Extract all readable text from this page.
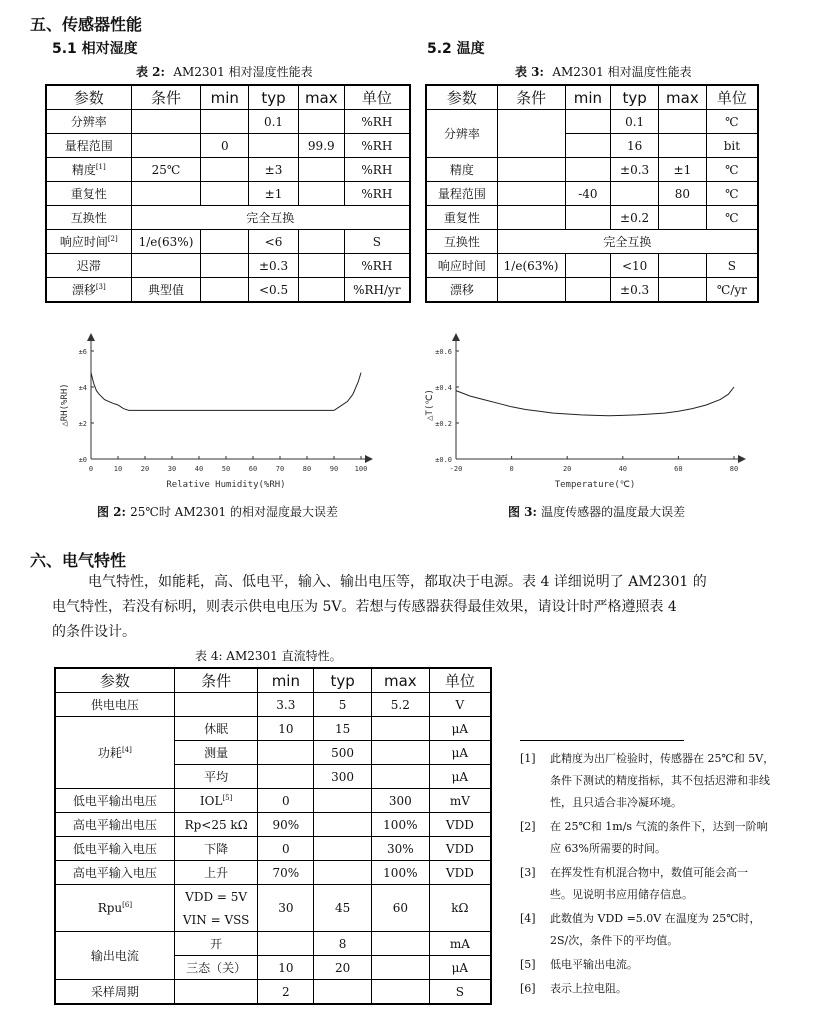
五、传感器性能
5.1 相对湿度	5.2 温度
表 2: AM2301 相对湿度性能表	表 3: AM2301 相对温度性能表
参数	条件	min	typ	max	单位
分辨率			0.1		%RH
量程范围		0		99.9	%RH
精度[1]	25℃		±3		%RH
重复性			±1		%RH
互换性	完全互换				
响应时间[2]	1/e(63%)		<6		S
迟滞			±0.3		%RH
漂移[3]	典型值		<0.5		%RH/yr
参数	条件	min	typ	max	单位
分辨率			0.1		℃
			16		bit
精度			±0.3	±1	℃
量程范围		-40		80	℃
重复性			±0.2		℃
互换性	完全互换				
响应时间	1/e(63%)		<10		S
漂移			±0.3		℃/yr
0	10	20	30	40	50	60	70	80	90 100
±0
±2
±4
±6
Relative Humidity(%RH)
△RH(%RH)
图 2: 25℃时 AM2301 的相对湿度最大误差
-20	0	20	40	60	80
±0.0
±0.2
±0.4
±0.6
Temperature(℃)
△T(℃)
图 3: 温度传感器的温度最大误差
六、电气特性
电气特性，如能耗，高、低电平，输入、输出电压等，都取决于电源。表 4 详细说明了 AM2301 的
电气特性，若没有标明，则表示供电电压为 5V。若想与传感器获得最佳效果，请设计时严格遵照表 4
的条件设计。
表 4: AM2301 直流特性。
参数	条件	min	typ	max	单位
供电电压		3.3	5	5.2	V
功耗[4]	休眠	10	15		μA
	测量		500		μA
	平均		300		μA
低电平输出电压	IOL[5]	0		300	mV
高电平输出电压	Rp<25 kΩ	90%		100%	VDD
低电平输入电压	下降	0		30%	VDD
高电平输入电压	上升	70%		100%	VDD
Rpu[6]	VDD = 5V	30	45	60	kΩ
	VIN = VSS				
输出电流	开		8		mA
	三态（关）	10	20		μA
采样周期		2			S
[1] 此精度为出厂检验时，传感器在 25℃和 5V，
条件下测试的精度指标，其不包括迟滞和非线
性，且只适合非冷凝环境。
[2] 在 25℃和 1m/s 气流的条件下，达到一阶响
应 63%所需要的时间。
[3] 在挥发性有机混合物中，数值可能会高一
些。见说明书应用储存信息。
[4] 此数值为 VDD =5.0V 在温度为 25℃时，
2S/次，条件下的平均值。
[5] 低电平输出电流。
[6] 表示上拉电阻。
